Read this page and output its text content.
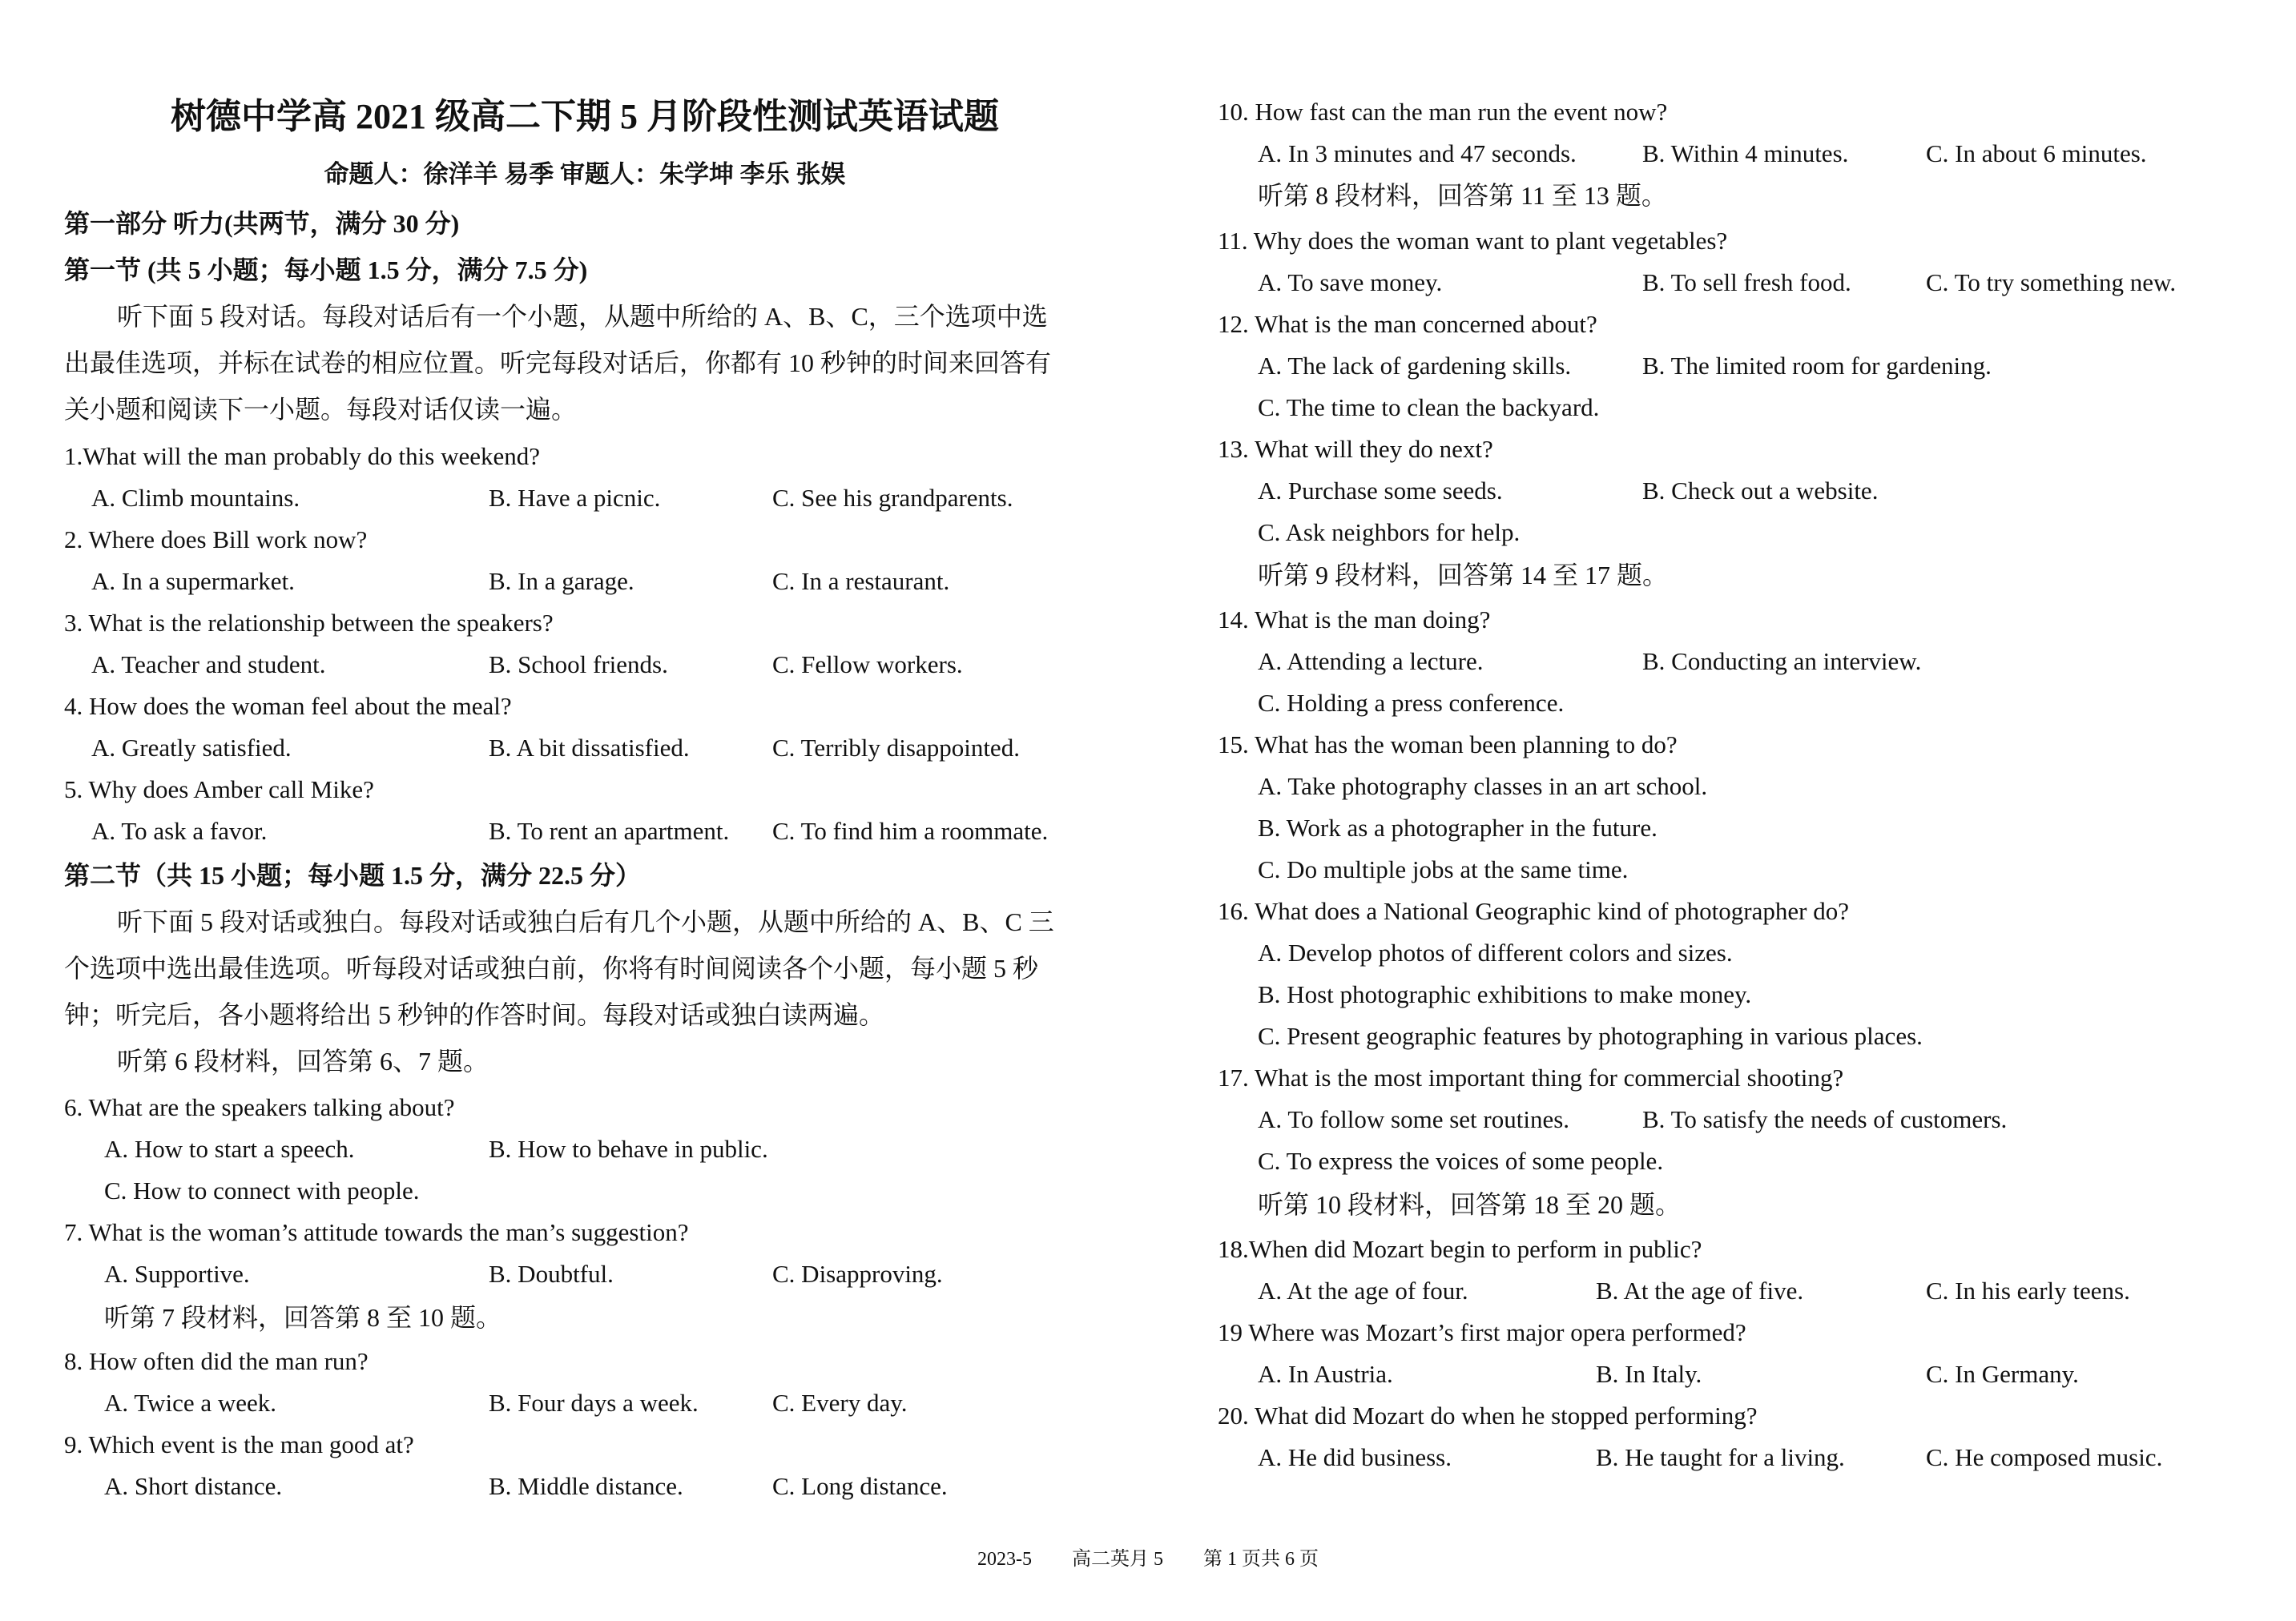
树德中学高 2021 级高二下期 5 月阶段性测试英语试题
命题人：徐洋羊 易季 审题人：朱学坤 李乐 张娱
第一部分 听力(共两节，满分 30 分)
第一节 (共 5 小题；每小题 1.5 分，满分 7.5 分)
听下面 5 段对话。每段对话后有一个小题，从题中所给的 A、B、C，三个选项中选
出最佳选项，并标在试卷的相应位置。听完每段对话后，你都有 10 秒钟的时间来回答有
关小题和阅读下一小题。每段对话仅读一遍。
1.What will the man probably do this weekend?
A. Climb mountains.	B. Have a picnic.	C. See his grandparents.
2. Where does Bill work now?
A. In a supermarket.	B. In a garage.	C. In a restaurant.
3. What is the relationship between the speakers?
A. Teacher and student.	B. School friends.	C. Fellow workers.
4. How does the woman feel about the meal?
A. Greatly satisfied.	B. A bit dissatisfied.	C. Terribly disappointed.
5. Why does Amber call Mike?
A. To ask a favor.	B. To rent an apartment. C. To find him a roommate.
第二节（共 15 小题；每小题 1.5 分，满分 22.5 分）
听下面 5 段对话或独白。每段对话或独白后有几个小题，从题中所给的 A、B、C 三
个选项中选出最佳选项。听每段对话或独白前，你将有时间阅读各个小题，每小题 5 秒
钟；听完后，各小题将给出 5 秒钟的作答时间。每段对话或独白读两遍。
听第 6 段材料，回答第 6、7 题。
6. What are the speakers talking about?
A. How to start a speech.	B. How to behave in public.
C. How to connect with people.
7. What is the woman’s attitude towards the man’s suggestion?
A. Supportive.	B. Doubtful.	C. Disapproving.
听第 7 段材料，回答第 8 至 10 题。
8. How often did the man run?
A. Twice a week.	B. Four days a week.	C. Every day.
9. Which event is the man good at?
A. Short distance.	B. Middle distance.	C. Long distance.
10. How fast can the man run the event now?
A. In 3 minutes and 47 seconds.	B. Within 4 minutes.	C. In about 6 minutes.
听第 8 段材料，回答第 11 至 13 题。
11. Why does the woman want to plant vegetables?
A. To save money.	B. To sell fresh food.	C. To try something new.
12. What is the man concerned about?
A. The lack of gardening skills.	B. The limited room for gardening.
C. The time to clean the backyard.
13. What will they do next?
A. Purchase some seeds.	B. Check out a website.
C. Ask neighbors for help.
听第 9 段材料，回答第 14 至 17 题。
14. What is the man doing?
A. Attending a lecture.	B. Conducting an interview.
C. Holding a press conference.
15. What has the woman been planning to do?
A. Take photography classes in an art school.
B. Work as a photographer in the future.
C. Do multiple jobs at the same time.
16. What does a National Geographic kind of photographer do?
A. Develop photos of different colors and sizes.
B. Host photographic exhibitions to make money.
C. Present geographic features by photographing in various places.
17. What is the most important thing for commercial shooting?
A. To follow some set routines.	B. To satisfy the needs of customers.
C. To express the voices of some people.
听第 10 段材料，回答第 18 至 20 题。
18.When did Mozart begin to perform in public?
A. At the age of four.	B. At the age of five.	C. In his early teens.
19 Where was Mozart’s first major opera performed?
A. In Austria.	B. In Italy.	C. In Germany.
20. What did Mozart do when he stopped performing?
A. He did business.	B. He taught for a living.	C. He composed music.
2023-5 高二英月 5 第 1 页共 6 页
